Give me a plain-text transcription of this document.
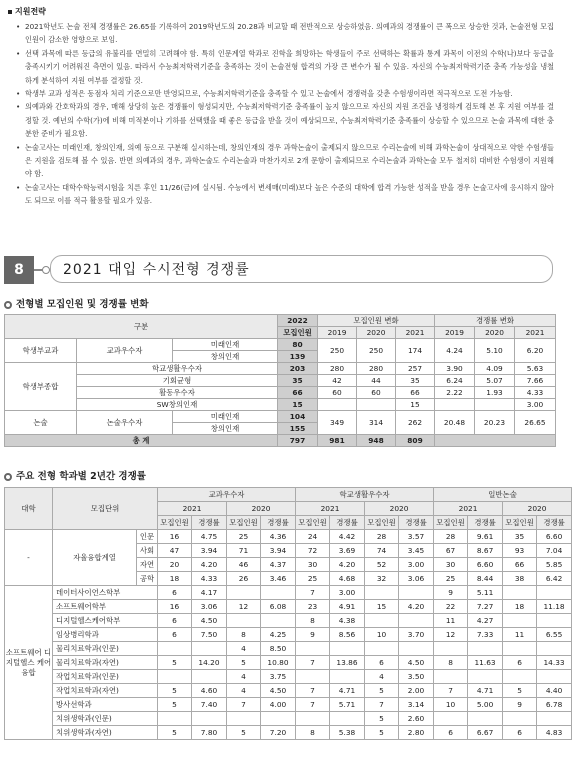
지원전략
• 2021학년도 논술 전체 경쟁률은 26.65를 기록하여 2019학년도의 20.28과 비교할 때 전반적으로 상승하였음. 의예과의 경쟁률이 큰 폭으로 상승한 것과, 논술전형 모집인원이 감소한 영향으로 보임.
• 선택 과목에 따른 등급의 유불리를 면밀히 고려해야 함. 특히 인문계열 학과로 진학을 희망하는 학생들이 주로 선택하는 확률과 통계 과목이 이전의 수학(나)보다 등급을 충족시키기 어려워진 측면이 있음. 따라서 수능최저학력기준을 충족하는 것이 논술전형 합격의 가장 큰 변수가 될 수 있음. 자신의 수능최저학력기준 충족 가능성을 냉철하게 분석하여 지원 여부를 결정할 것.
• 학생부 교과 성적은 동점자 처리 기준으로만 반영되므로, 수능최저학력기준을 충족할 수 있고 논술에서 경쟁력을 갖춘 수험생이라면 적극적으로 도전 가능함.
• 의예과와 간호학과의 경우, 매해 상당히 높은 경쟁률이 형성되지만, 수능최저학력기준 충족률이 높지 않으므로 자신의 지원 조건을 냉정하게 검토해 본 후 지원 여부를 결정할 것. 예년의 수학(가)에 비해 미적분이나 기하를 선택했을 때 좋은 등급을 받을 것이 예상되므로, 수능최저학력기준 충족률이 상승할 수 있으므로 논술 과목에 대한 충분한 준비가 필요함.
• 논술고사는 미래인재, 창의인재, 의예 등으로 구분해 실시하는데, 창의인재의 경우 과학논술이 출제되지 않으므로 수리논술에 비해 과학논술이 상대적으로 약한 수험생들은 지원을 검토해 볼 수 있음. 반면 의예과의 경우, 과학논술도 수리논술과 마찬가지로 2개 문항이 출제되므로 수리논술과 과학논술 모두 철저히 대비한 수험생이 지원해야 함.
• 논술고사는 대학수학능력시험을 치른 후인 11/26(금)에 실시됨. 수능에서 변세매(미래)보다 높은 수준의 대학에 합격 가능한 성적을 받을 경우 논술고사에 응시하지 않아도 되므로 이를 적극 활용할 필요가 있음.
8	2021 대입 수시전형 경쟁률
전형별 모집인원 및 경쟁률 변화
구분			2022	모집인원 변화			경쟁률 변화		
			모집인원	2019	2020	2021	2019	2020	2021
학생부교과	교과우수자	미래인재	80	250	250	174	4.24	5.10	6.20
		창의인재	139						
학생부종합	학교생활우수자		203	280	280	257	3.90	4.09	5.63
	기회균형		35	42	44	35	6.24	5.07	7.66
	활동우수자		66	60	60	66	2.22	1.93	4.33
	SW창의인재		15			15			3.00
논술	논술우수자	미래인재	104	349	314	262	20.48	20.23	26.65
		창의인재	155						
총 계			797	981	948	809			
주요 전형 학과별 2년간 경쟁률
대학	모집단위		교과우수자				학교생활우수자				일반논술			
			2021		2020		2021		2020		2021		2020	
			모집인원	경쟁률	모집인원	경쟁률	모집인원	경쟁률	모집인원	경쟁률	모집인원	경쟁률	모집인원	경쟁률
-	자율융합계열	인문	16	4.75	25	4.36	24	4.42	28	3.57	28	9.61	35	6.60
		사회	47	3.94	71	3.94	72	3.69	74	3.45	67	8.67	93	7.04
		자연	20	4.20	46	4.37	30	4.20	52	3.00	30	6.60	66	5.85
		공학	18	4.33	26	3.46	25	4.68	32	3.06	25	8.44	38	6.42
소프트웨어 디지털헬스 케어 융합	데이터사이언스학부		6	4.17			7	3.00			9	5.11		
	소프트웨어학부		16	3.06	12	6.08	23	4.91	15	4.20	22	7.27	18	11.18
	디지털헬스케어학부		6	4.50			8	4.38			11	4.27		
	임상병리학과		6	7.50	8	4.25	9	8.56	10	3.70	12	7.33	11	6.55
	물리치료학과(인문)				4	8.50								
	물리치료학과(자연)		5	14.20	5	10.80	7	13.86	6	4.50	8	11.63	6	14.33
	작업치료학과(인문)				4	3.75			4	3.50				
	작업치료학과(자연)		5	4.60	4	4.50	7	4.71	5	2.00	7	4.71	5	4.40
	방사선학과		5	7.40	7	4.00	7	5.71	7	3.14	10	5.00	9	6.78
	치위생학과(인문)								5	2.60				
	치위생학과(자연)		5	7.80	5	7.20	8	5.38	5	2.80	6	6.67	6	4.83
